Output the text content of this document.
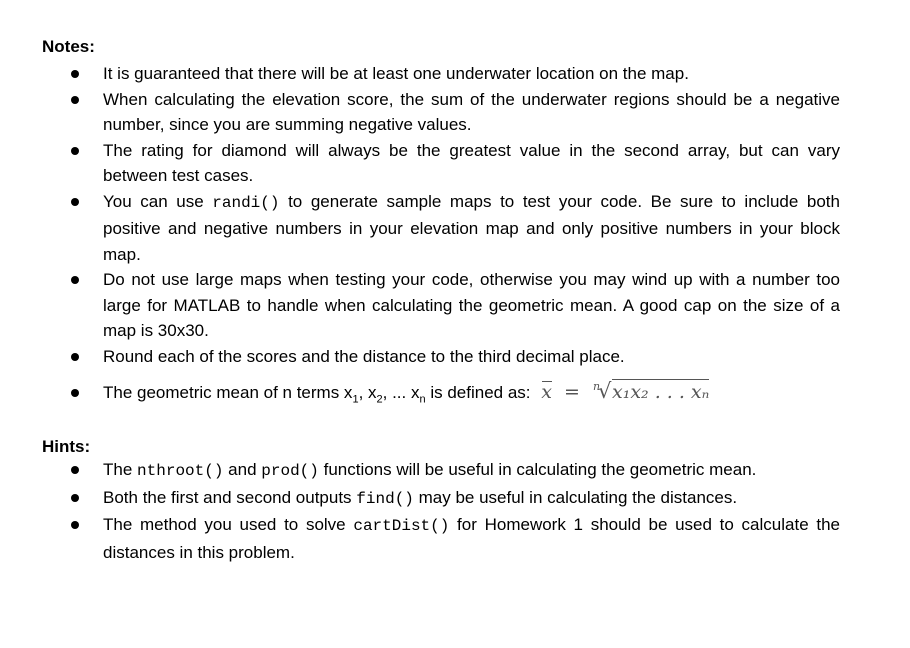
Notes:
It is guaranteed that there will be at least one underwater location on the map.
When calculating the elevation score, the sum of the underwater regions should be a negative number, since you are summing negative values.
The rating for diamond will always be the greatest value in the second array, but can vary between test cases.
You can use randi() to generate sample maps to test your code. Be sure to include both positive and negative numbers in your elevation map and only positive numbers in your block map.
Do not use large maps when testing your code, otherwise you may wind up with a number too large for MATLAB to handle when calculating the geometric mean. A good cap on the size of a map is 30x30.
Round each of the scores and the distance to the third decimal place.
The geometric mean of n terms $x_1$, $x_2$, ... $x_n$ is defined as: x = n
√ x₁x₂ . . . xₙ
Hints:
The nthroot() and prod() functions will be useful in calculating the geometric mean.
Both the first and second outputs find() may be useful in calculating the distances.
The method you used to solve cartDist() for Homework 1 should be used to calculate the distances in this problem.
